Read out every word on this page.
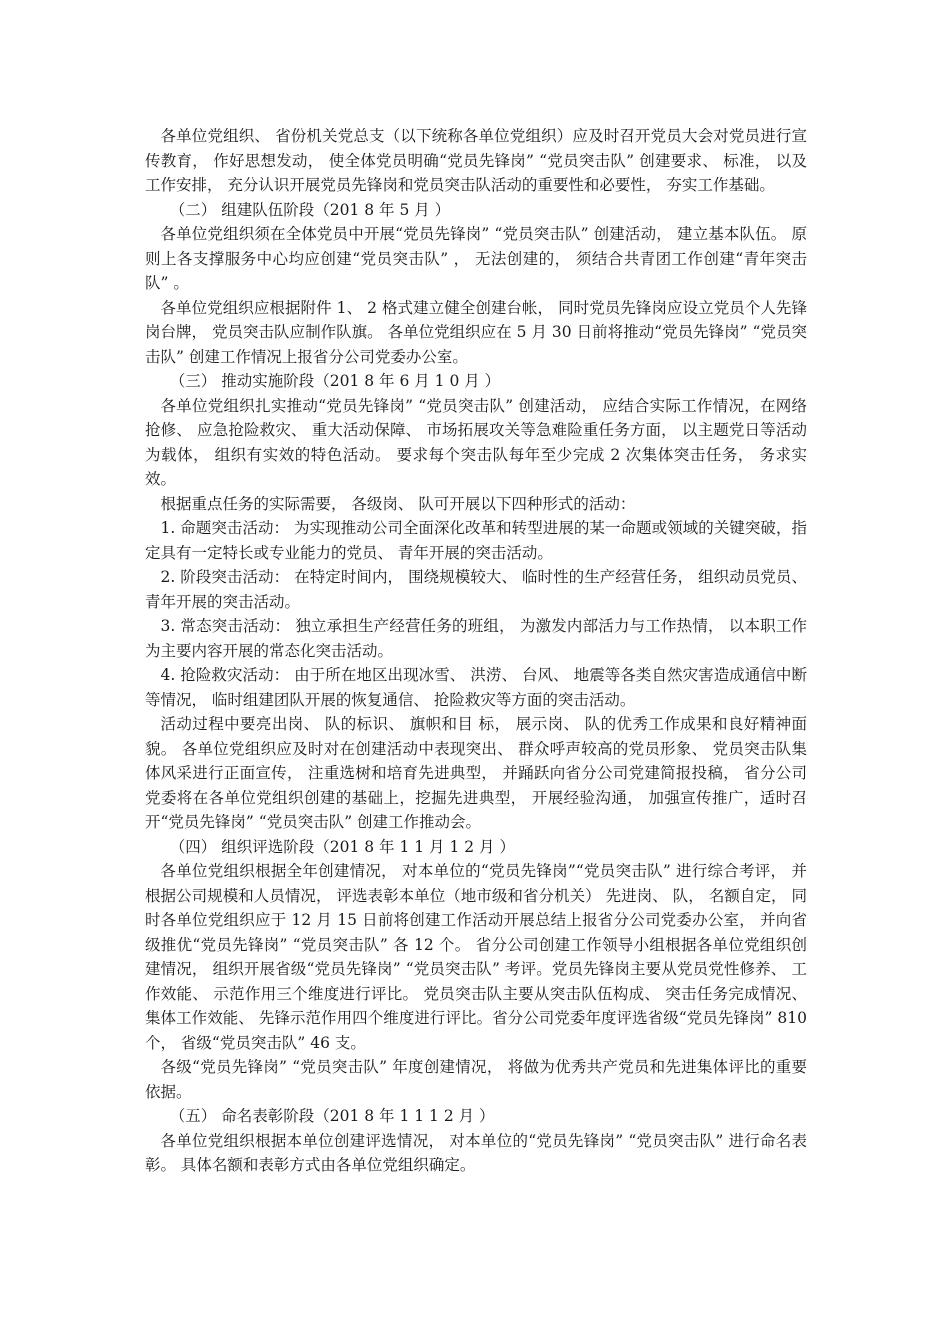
各单位党组织、 省份机关党总支（以下统称各单位党组织）应及时召开党员大会对党员进行宣传教育， 作好思想发动， 使全体党员明确“党员先锋岗” “党员突击队” 创建要求、 标准， 以及工作安排， 充分认识开展党员先锋岗和党员突击队活动的重要性和必要性， 夯实工作基础。

（二） 组建队伍阶段（201 8 年 5 月 ）

各单位党组织须在全体党员中开展“党员先锋岗” “党员突击队” 创建活动， 建立基本队伍。 原则上各支撑服务中心均应创建“党员突击队” ， 无法创建的， 须结合共青团工作创建“青年突击队” 。

各单位党组织应根据附件 1、 2 格式建立健全创建台帐， 同时党员先锋岗应设立党员个人先锋岗台牌， 党员突击队应制作队旗。 各单位党组织应在 5 月 30 日前将推动“党员先锋岗” “党员突击队” 创建工作情况上报省分公司党委办公室。

（三） 推动实施阶段（201 8 年 6 月 1 0 月 ）

各单位党组织扎实推动“党员先锋岗” “党员突击队” 创建活动， 应结合实际工作情况，在网络抢修、 应急抢险救灾、 重大活动保障、 市场拓展攻关等急难险重任务方面， 以主题党日等活动为载体， 组织有实效的特色活动。 要求每个突击队每年至少完成 2 次集体突击任务， 务求实效。

根据重点任务的实际需要， 各级岗、 队可开展以下四种形式的活动：

1. 命题突击活动： 为实现推动公司全面深化改革和转型进展的某一命题或领域的关键突破，指定具有一定特长或专业能力的党员、 青年开展的突击活动。

2. 阶段突击活动： 在特定时间内， 围绕规模较大、 临时性的生产经营任务， 组织动员党员、 青年开展的突击活动。

3. 常态突击活动： 独立承担生产经营任务的班组， 为激发内部活力与工作热情， 以本职工作为主要内容开展的常态化突击活动。

4. 抢险救灾活动： 由于所在地区出现冰雪、 洪涝、 台风、 地震等各类自然灾害造成通信中断等情况， 临时组建团队开展的恢复通信、 抢险救灾等方面的突击活动。

活动过程中要亮出岗、 队的标识、 旗帜和目 标， 展示岗、 队的优秀工作成果和良好精神面貌。 各单位党组织应及时对在创建活动中表现突出、 群众呼声较高的党员形象、 党员突击队集体风采进行正面宣传， 注重选树和培育先进典型， 并踊跃向省分公司党建简报投稿， 省分公司党委将在各单位党组织创建的基础上，挖掘先进典型， 开展经验沟通， 加强宣传推广，适时召开“党员先锋岗” “党员突击队” 创建工作推动会。

（四） 组织评选阶段（201 8 年 1 1 月 1 2 月 ）

各单位党组织根据全年创建情况， 对本单位的“党员先锋岗”“党员突击队” 进行综合考评， 并根据公司规模和人员情况， 评选表彰本单位（地市级和省分机关） 先进岗、 队， 名额自定， 同时各单位党组织应于 12 月 15 日前将创建工作活动开展总结上报省分公司党委办公室， 并向省级推优“党员先锋岗” “党员突击队” 各 12 个。 省分公司创建工作领导小组根据各单位党组织创建情况， 组织开展省级“党员先锋岗” “党员突击队” 考评。党员先锋岗主要从党员党性修养、 工作效能、 示范作用三个维度进行评比。 党员突击队主要从突击队伍构成、 突击任务完成情况、 集体工作效能、 先锋示范作用四个维度进行评比。省分公司党委年度评选省级“党员先锋岗” 810 个， 省级“党员突击队” 46 支。

各级“党员先锋岗” “党员突击队” 年度创建情况， 将做为优秀共产党员和先进集体评比的重要依据。

（五） 命名表彰阶段（201 8 年 1 1 1 2 月 ）

各单位党组织根据本单位创建评选情况， 对本单位的“党员先锋岗” “党员突击队” 进行命名表彰。 具体名额和表彰方式由各单位党组织确定。
